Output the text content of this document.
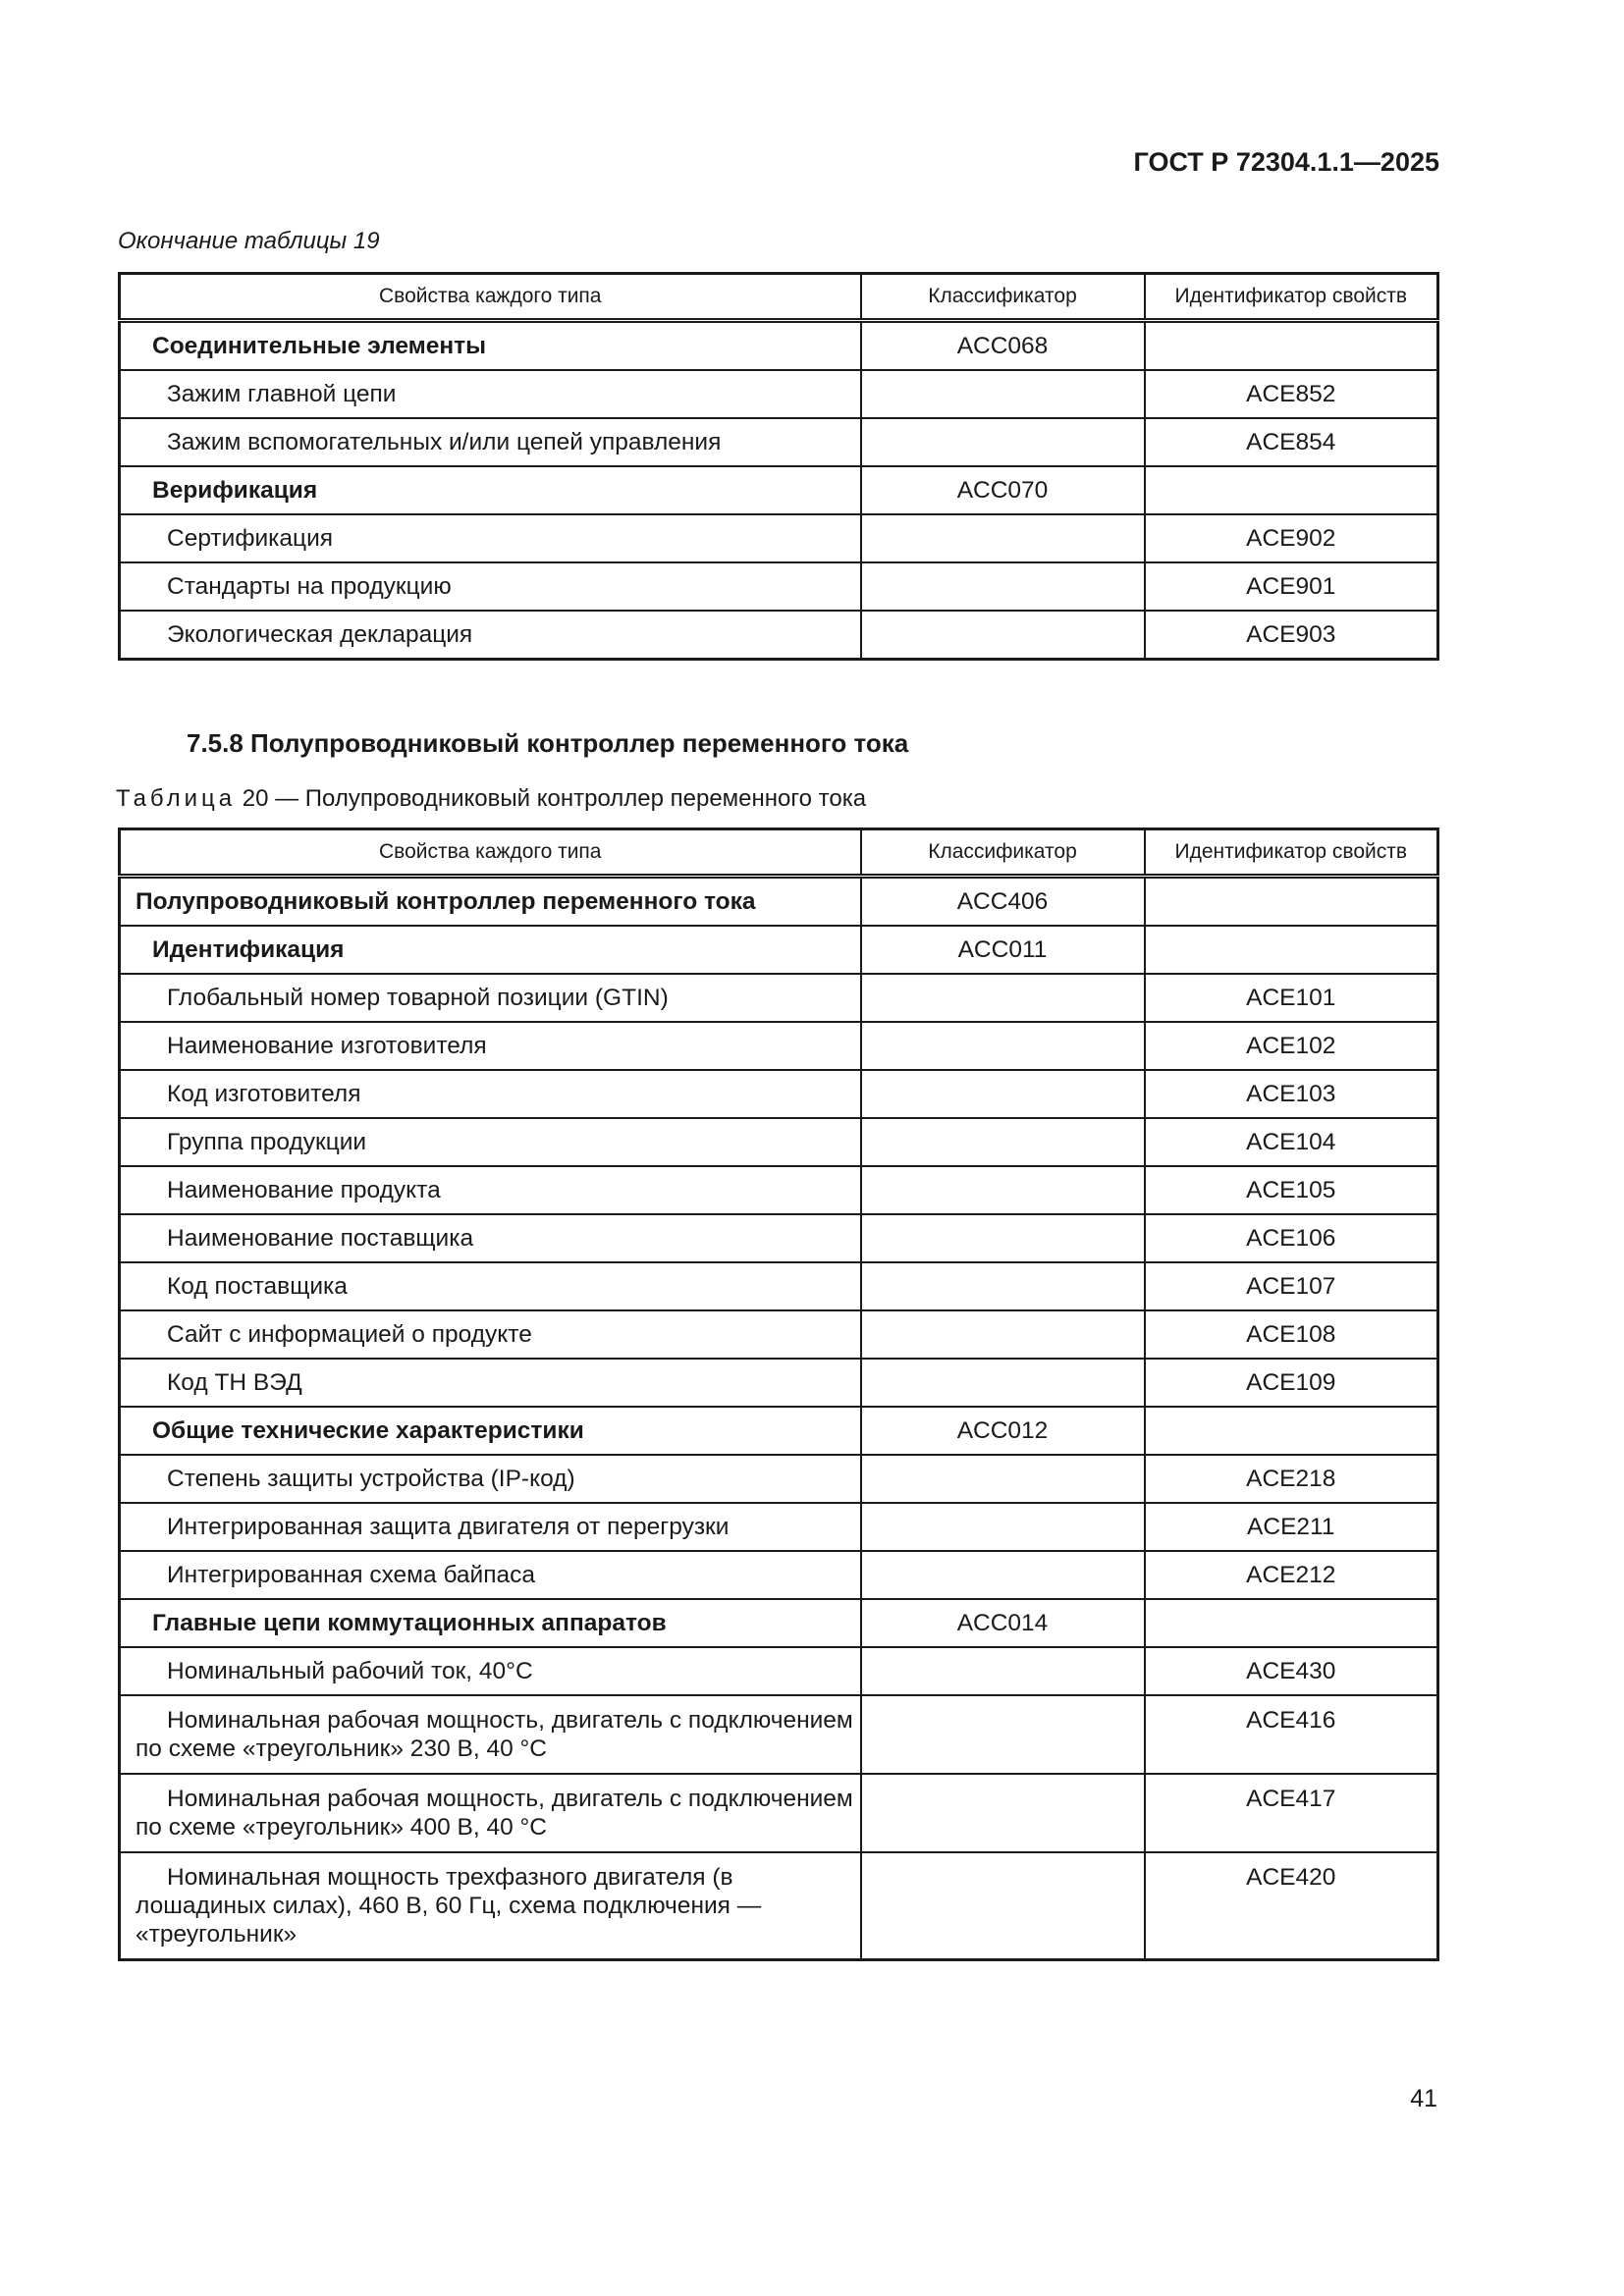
ГОСТ Р 72304.1.1—2025
Окончание таблицы 19
Свойства каждого типа	Классификатор	Идентификатор свойств
Соединительные элементы	ACC068	
Зажим главной цепи		ACE852
Зажим вспомогательных и/или цепей управления		ACE854
Верификация	ACC070	
Сертификация		ACE902
Стандарты на продукцию		ACE901
Экологическая декларация		ACE903
7.5.8 Полупроводниковый контроллер переменного тока
Таблица 20 — Полупроводниковый контроллер переменного тока
Свойства каждого типа	Классификатор	Идентификатор свойств
Полупроводниковый контроллер переменного тока	ACC406	
Идентификация	ACC011	
Глобальный номер товарной позиции (GTIN)		ACE101
Наименование изготовителя		ACE102
Код изготовителя		ACE103
Группа продукции		ACE104
Наименование продукта		ACE105
Наименование поставщика		ACE106
Код поставщика		ACE107
Сайт с информацией о продукте		ACE108
Код ТН ВЭД		ACE109
Общие технические характеристики	ACC012	
Степень защиты устройства (IP-код)		ACE218
Интегрированная защита двигателя от перегрузки		ACE211
Интегрированная схема байпаса		ACE212
Главные цепи коммутационных аппаратов	ACC014	
Номинальный рабочий ток, 40°C		ACE430
Номинальная рабочая мощность, двигатель с подключением по схеме «треугольник» 230 В, 40 °С		ACE416
Номинальная рабочая мощность, двигатель с подключением по схеме «треугольник» 400 В, 40 °С		ACE417
Номинальная мощность трехфазного двигателя (в лошадиных силах), 460 В, 60 Гц, схема подключения — «треугольник»		ACE420
41
